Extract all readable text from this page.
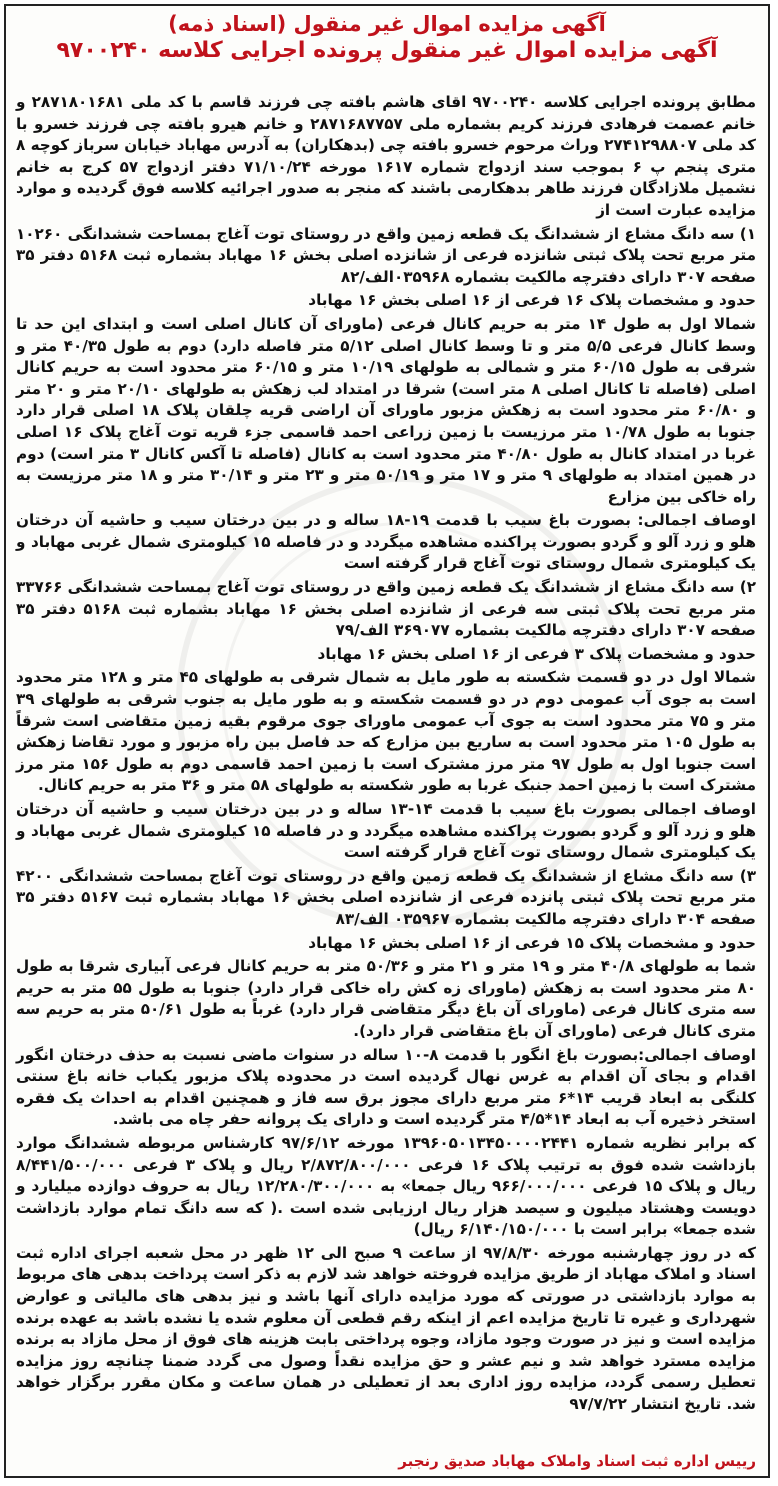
آگهی مزایده اموال غیر منقول (اسناد ذمه)
آگهی مزایده اموال غیر منقول پرونده اجرایی کلاسه ۹۷۰۰۲۴۰

مطابق پرونده اجرایی کلاسه ۹۷۰۰۲۴۰ اقای هاشم بافته چی فرزند قاسم با کد ملی ۲۸۷۱۸۰۱۶۸۱ و خانم عصمت فرهادی فرزند کریم بشماره ملی ۲۸۷۱۶۸۷۷۵۷ و خانم هیرو بافته چی فرزند خسرو با کد ملی ۲۷۴۱۲۹۸۸۰۷ وراث مرحوم خسرو بافته چی (بدهکاران) به آدرس مهاباد خیابان سرباز کوچه ۸ متری پنجم پ ۶ بموجب سند ازدواج شماره ۱۶۱۷ مورخه ۷۱/۱۰/۲۴ دفتر ازدواج ۵۷ کرج به خانم نشمیل ملازادگان فرزند طاهر بدهکارمی باشند که منجر به صدور اجرائیه کلاسه فوق گردیده و موارد مزایده عبارت است از

۱) سه دانگ مشاع از ششدانگ یک قطعه زمین واقع در روستای توت آغاج بمساحت ششدانگی ۱۰۲۶۰ متر مربع تحت پلاک ثبتی شانزده فرعی از شانزده اصلی بخش ۱۶ مهاباد بشماره ثبت ۵۱۶۸ دفتر ۳۵ صفحه ۳۰۷ دارای دفترچه مالکیت بشماره ۰۳۵۹۶۸الف/۸۲

حدود و مشخصات پلاک ۱۶ فرعی از ۱۶ اصلی بخش ۱۶ مهاباد

شمالا اول به طول ۱۴ متر به حریم کانال فرعی (ماورای آن کانال اصلی است و ابتدای این حد تا وسط کانال فرعی ۵/۵ متر و تا وسط کانال اصلی ۵/۱۲ متر فاصله دارد) دوم به طول ۴۰/۳۵ متر و شرقی به طول ۶۰/۱۵ متر و شمالی به طولهای ۱۰/۱۹ متر و ۶۰/۱۵ متر محدود است به حریم کانال اصلی (فاصله تا کانال اصلی ۸ متر است) شرقا در امتداد لب زهکش به طولهای ۲۰/۱۰ متر و ۲۰ متر و ۶۰/۸۰ متر محدود است به زهکش مزبور ماورای آن اراضی قریه چلقان پلاک ۱۸ اصلی قرار دارد جنوبا به طول ۱۰/۷۸ متر مرزیست با زمین زراعی احمد قاسمی جزء قریه توت آغاج پلاک ۱۶ اصلی غربا در امتداد کانال به طول ۴۰/۸۰ متر محدود است به کانال (فاصله تا آکس کانال ۳ متر است) دوم در همین امتداد به طولهای ۹ متر و ۱۷ متر و ۵۰/۱۹ متر و ۲۳ متر و ۳۰/۱۴ متر و ۱۸ متر مرزیست به راه خاکی بین مزارع

اوصاف اجمالی: بصورت باغ سیب با قدمت ۱۹-۱۸ ساله و در بین درختان سیب و حاشیه آن درختان هلو و زرد آلو و گردو بصورت پراکنده مشاهده میگردد و در فاصله ۱۵ کیلومتری شمال غربی مهاباد و یک کیلومتری شمال روستای توت آغاج قرار گرفته است

۲) سه دانگ مشاع از ششدانگ یک قطعه زمین واقع در روستای توت آغاج بمساحت ششدانگی ۳۳۷۶۶ متر مربع تحت پلاک ثبتی سه فرعی از شانزده اصلی بخش ۱۶ مهاباد بشماره ثبت ۵۱۶۸ دفتر ۳۵ صفحه ۳۰۷ دارای دفترچه مالکیت بشماره ۳۶۹۰۷۷ الف/۷۹

حدود و مشخصات پلاک ۳ فرعی از ۱۶ اصلی بخش ۱۶ مهاباد

شمالا اول در دو قسمت شکسته به طور مایل به شمال شرقی به طولهای ۴۵ متر و ۱۲۸ متر محدود است به جوی آب عمومی دوم در دو قسمت شکسته و به طور مایل به جنوب شرقی به طولهای ۳۹ متر و ۷۵ متر محدود است به جوی آب عمومی ماورای جوی مرقوم بقیه زمین متقاضی است شرقاً به طول ۱۰۵ متر محدود است به ساریع بین مزارع که حد فاصل بین راه مزبور و مورد تقاضا زهکش است جنوبا اول به طول ۹۷ متر مرز مشترک است با زمین احمد قاسمی دوم به طول ۱۵۶ متر مرز مشترک است با زمین احمد جنبک غربا به طور شکسته به طولهای ۵۸ متر و ۳۶ متر به حریم کانال.

اوصاف اجمالی بصورت باغ سیب با قدمت ۱۴-۱۳ ساله و در بین درختان سیب و حاشیه آن درختان هلو و زرد آلو و گردو بصورت پراکنده مشاهده میگردد و در فاصله ۱۵ کیلومتری شمال غربی مهاباد و یک کیلومتری شمال روستای توت آغاج قرار گرفته است

۳) سه دانگ مشاع از ششدانگ یک قطعه زمین واقع در روستای توت آغاج بمساحت ششدانگی ۴۲۰۰ متر مربع تحت پلاک ثبتی پانزده فرعی از شانزده اصلی بخش ۱۶ مهاباد بشماره ثبت ۵۱۶۷ دفتر ۳۵ صفحه ۳۰۴ دارای دفترچه مالکیت بشماره ۰۳۵۹۶۷ الف/۸۳

حدود و مشخصات پلاک ۱۵ فرعی از ۱۶ اصلی بخش ۱۶ مهاباد

شما به طولهای ۴۰/۸ متر و ۱۹ متر و ۲۱ متر و ۵۰/۳۶ متر به حریم کانال فرعی آبیاری شرقا به طول ۸۰ متر محدود است به زهکش (ماورای زه کش راه خاکی قرار دارد) جنوبا به طول ۵۵ متر به حریم سه متری کانال فرعی (ماورای آن باغ دیگر متقاضی قرار دارد) غرباً به طول ۵۰/۶۱ متر به حریم سه متری کانال فرعی (ماورای آن باغ متقاضی قرار دارد).

اوصاف اجمالی:بصورت باغ انگور با قدمت ۸-۱۰ ساله در سنوات ماضی نسبت به حذف درختان انگور اقدام و بجای آن اقدام به غرس نهال گردیده است در محدوده پلاک مزبور یکباب خانه باغ سنتی کلنگی به ابعاد قریب ۱۴*۶ متر مربع دارای مجوز برق سه فاز و همچنین اقدام به احداث یک فقره استخر ذخیره آب به ابعاد ۱۴*۴/۵ متر گردیده است و دارای یک پروانه حفر چاه می باشد.

که برابر نظریه شماره ۱۳۹۶۰۵۰۱۳۴۵۰۰۰۰۲۴۴۱ مورخه ۹۷/۶/۱۲ کارشناس مربوطه ششدانگ موارد بازداشت شده فوق به ترتیب پلاک ۱۶ فرعی ۲/۸۷۲/۸۰۰/۰۰۰ ریال و پلاک ۳ فرعی ۸/۴۴۱/۵۰۰/۰۰۰ ریال و پلاک ۱۵ فرعی ۹۶۶/۰۰۰/۰۰۰ ریال جمعا» به ۱۲/۲۸۰/۳۰۰/۰۰۰ ریال به حروف دوازده میلیارد و دویست وهشتاد میلیون و سیصد هزار ریال ارزیابی شده است .( که سه دانگ تمام موارد بازداشت شده جمعا» برابر است با ۶/۱۴۰/۱۵۰/۰۰۰ ریال)

که در روز چهارشنبه مورخه ۹۷/۸/۳۰ از ساعت ۹ صبح الی ۱۲ ظهر در محل شعبه اجرای اداره ثبت اسناد و املاک مهاباد از طریق مزایده فروخته خواهد شد لازم به ذکر است پرداخت بدهی های مربوط به موارد بازداشتی در صورتی که مورد مزایده دارای آنها باشد و نیز بدهی های مالیاتی و عوارض شهرداری و غیره تا تاریخ مزایده اعم از اینکه رقم قطعی آن معلوم شده یا نشده باشد به عهده برنده مزایده است و نیز در صورت وجود مازاد، وجوه پرداختی بابت هزینه های فوق از محل مازاد به برنده مزایده مسترد خواهد شد و نیم عشر و حق مزایده نقداً وصول می گردد ضمنا چنانچه روز مزایده تعطیل رسمی گردد، مزایده روز اداری بعد از تعطیلی در همان ساعت و مکان مقرر برگزار خواهد شد. تاریخ انتشار ۹۷/۷/۲۲

رییس اداره ثبت اسناد واملاک مهاباد صدیق رنجبر
